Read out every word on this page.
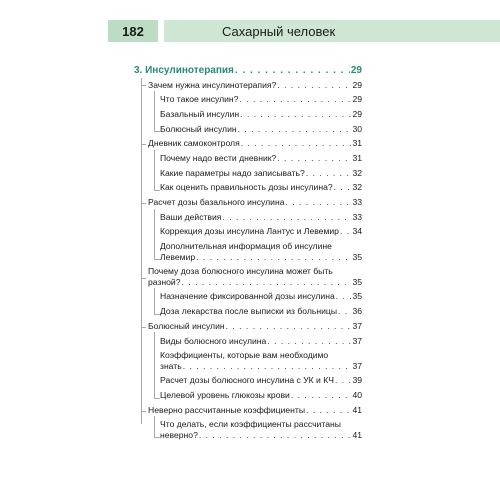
182	Сахарный человек
3. Инсулинотерапия . . .	29
Зачем нужна инсулинотерапия? . . .	29
Что такое инсулин? . . .	29
Базальный инсулин . . .	29
Болюсный инсулин . . .	30
Дневник самоконтроля . . .	31
Почему надо вести дневник? . . .	31
Какие параметры надо записывать? . . .	32
Как оценить правильность дозы инсулина? . . . 32
Расчет дозы базального инсулина . . .	33
Ваши действия . . .	33
Коррекция дозы инсулина Лантус и Левемир . . . 34
Дополнительная информация об инсулине
Левемир . . .	35
Почему доза болюсного инсулина может быть
разной? . . .	35
Назначение фиксированной дозы инсулина . . . 35
Доза лекарства после выписки из больницы . . . 36
Болюсный инсулин . . .	37
Виды болюсного инсулина . . .	37
Коэффициенты, которые вам необходимо
знать . . .	37
Расчет дозы болюсного инсулина с УК и КЧ . . . 39
Целевой уровень глюкозы крови . . .	40
Неверно рассчитанные коэффициенты . . .	41
Что делать, если коэффициенты рассчитаны
неверно? . . .	41
